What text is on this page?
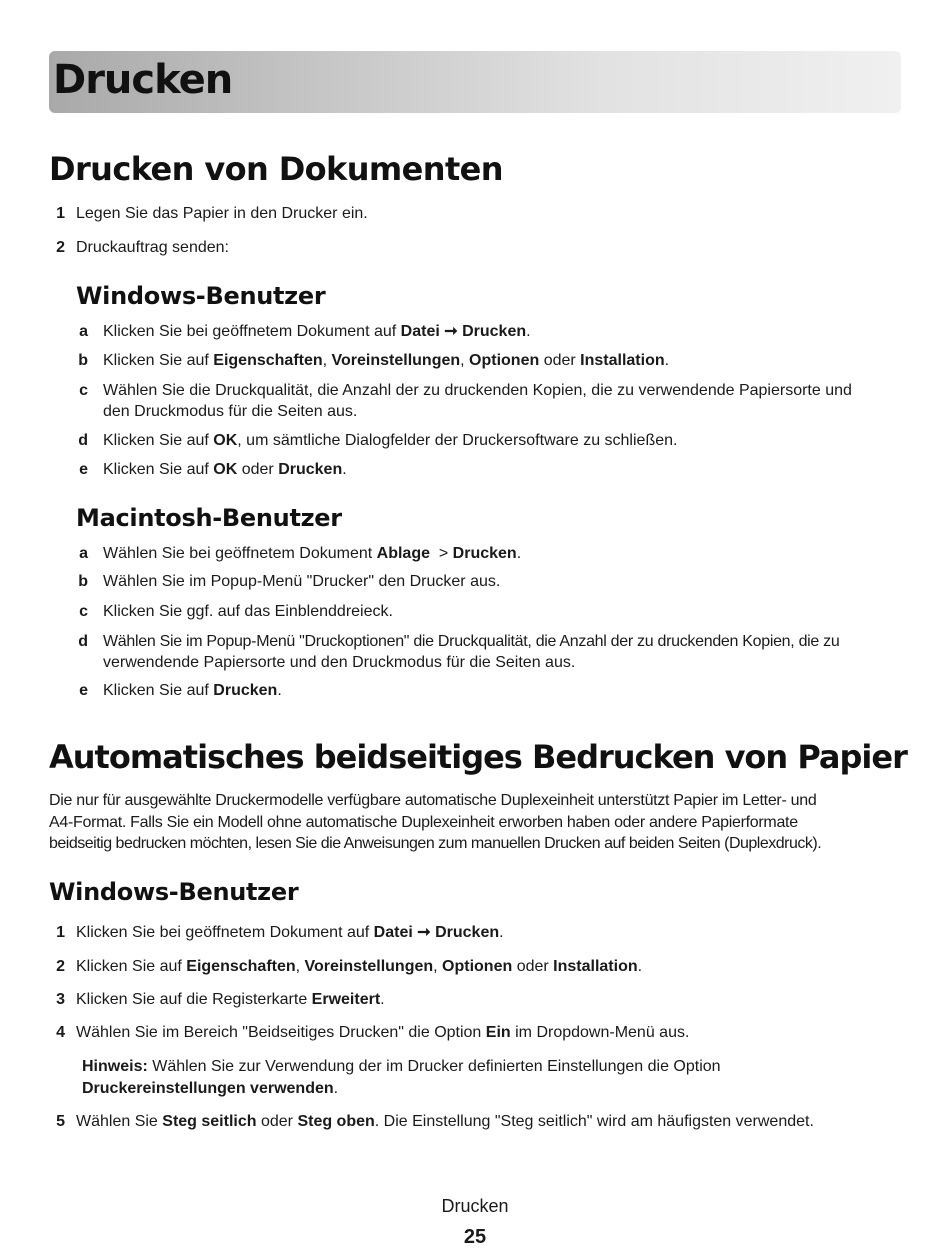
Drucken
Drucken von Dokumenten
1 Legen Sie das Papier in den Drucker ein.
2 Druckauftrag senden:
Windows-Benutzer
a Klicken Sie bei geöffnetem Dokument auf Datei ➞ Drucken.
b Klicken Sie auf Eigenschaften, Voreinstellungen, Optionen oder Installation.
c Wählen Sie die Druckqualität, die Anzahl der zu druckenden Kopien, die zu verwendende Papiersorte und
den Druckmodus für die Seiten aus.
d Klicken Sie auf OK, um sämtliche Dialogfelder der Druckersoftware zu schließen.
e Klicken Sie auf OK oder Drucken.
Macintosh-Benutzer
a Wählen Sie bei geöffnetem Dokument Ablage  > Drucken.
b Wählen Sie im Popup-Menü "Drucker" den Drucker aus.
c Klicken Sie ggf. auf das Einblenddreieck.
d Wählen Sie im Popup-Menü "Druckoptionen" die Druckqualität, die Anzahl der zu druckenden Kopien, die zu
verwendende Papiersorte und den Druckmodus für die Seiten aus.
e Klicken Sie auf Drucken.
Automatisches beidseitiges Bedrucken von Papier
Die nur für ausgewählte Druckermodelle verfügbare automatische Duplexeinheit unterstützt Papier im Letter- und
A4-Format. Falls Sie ein Modell ohne automatische Duplexeinheit erworben haben oder andere Papierformate
beidseitig bedrucken möchten, lesen Sie die Anweisungen zum manuellen Drucken auf beiden Seiten (Duplexdruck).
Windows-Benutzer
1 Klicken Sie bei geöffnetem Dokument auf Datei ➞ Drucken.
2 Klicken Sie auf Eigenschaften, Voreinstellungen, Optionen oder Installation.
3 Klicken Sie auf die Registerkarte Erweitert.
4 Wählen Sie im Bereich "Beidseitiges Drucken" die Option Ein im Dropdown-Menü aus.
Hinweis: Wählen Sie zur Verwendung der im Drucker definierten Einstellungen die Option
Druckereinstellungen verwenden.
5 Wählen Sie Steg seitlich oder Steg oben. Die Einstellung "Steg seitlich" wird am häufigsten verwendet.
Drucken
25
